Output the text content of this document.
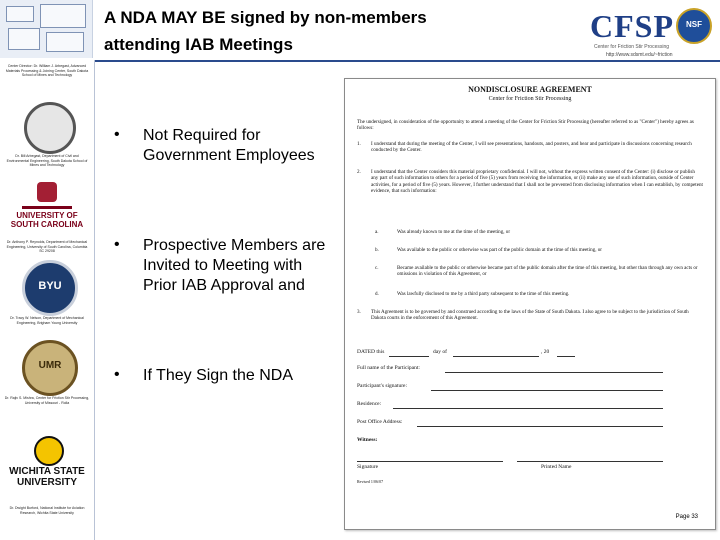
A NDA MAY BE signed by non-members
attending IAB Meetings
CFSP
Center for Friction Stir Processing
NSF
http://www.sdsmt.edu/~friction
Center Director: Dr. William J. Arbegast, Advanced Materials Processing & Joining Center, South Dakota School of Mines and Technology
Dr. Bill Arbegast, Department of Civil and Environmental Engineering, South Dakota School of Mines and Technology
UNIVERSITY OF SOUTH CAROLINA
Dr. Anthony P. Reynolds, Department of Mechanical Engineering, University of South Carolina, Columbia SC 29208
BYU
Dr. Tracy W. Nelson, Department of Mechanical Engineering, Brigham Young University
UMR
Dr. Rajiv S. Mishra, Center for Friction Stir Processing, University of Missouri - Rolla
WICHITA STATE UNIVERSITY
Dr. Dwight Burford, National Institute for Aviation Research, Wichita State University
• Not Required for Government Employees
• Prospective Members are Invited to Meeting with Prior IAB Approval and
• If They Sign the NDA
NONDISCLOSURE AGREEMENT
Center for Friction Stir Processing
The undersigned, in consideration of the opportunity to attend a meeting of the Center for Friction Stir Processing (hereafter referred to as "Center") hereby agrees as follows:
1. I understand that during the meeting of the Center, I will see presentations, handouts, and posters, and hear and participate in discussions concerning research conducted by the Center.
2. I understand that the Center considers this material proprietary confidential. I will not, without the express written consent of the Center: (i) disclose or publish any part of such information to others for a period of five (5) years from receiving the information, or (ii) make any use of such information, outside of Center activities, for a period of five (5) years. However, I further understand that I shall not be prevented from disclosing information when I can establish, by competent evidence, that such information:
a.	Was already known to me at the time of the meeting, or
b.	Was available to the public or otherwise was part of the public domain at the time of this meeting, or
c.	Became available to the public or otherwise became part of the public domain after the time of this meeting, but other than through any own acts or omissions in violation of this Agreement, or
d.	Was lawfully disclosed to me by a third party subsequent to the time of this meeting.
3. This Agreement is to be governed by and construed according to the laws of the State of South Dakota. I also agree to be subject to the jurisdiction of South Dakota courts in the enforcement of this Agreement.
DATED this	day of	, 20
Full name of the Participant:
Participant's signature:
Residence:
Post Office Address:
Witness:
Signature	Printed Name
Revised 1/06/07
Page 33
